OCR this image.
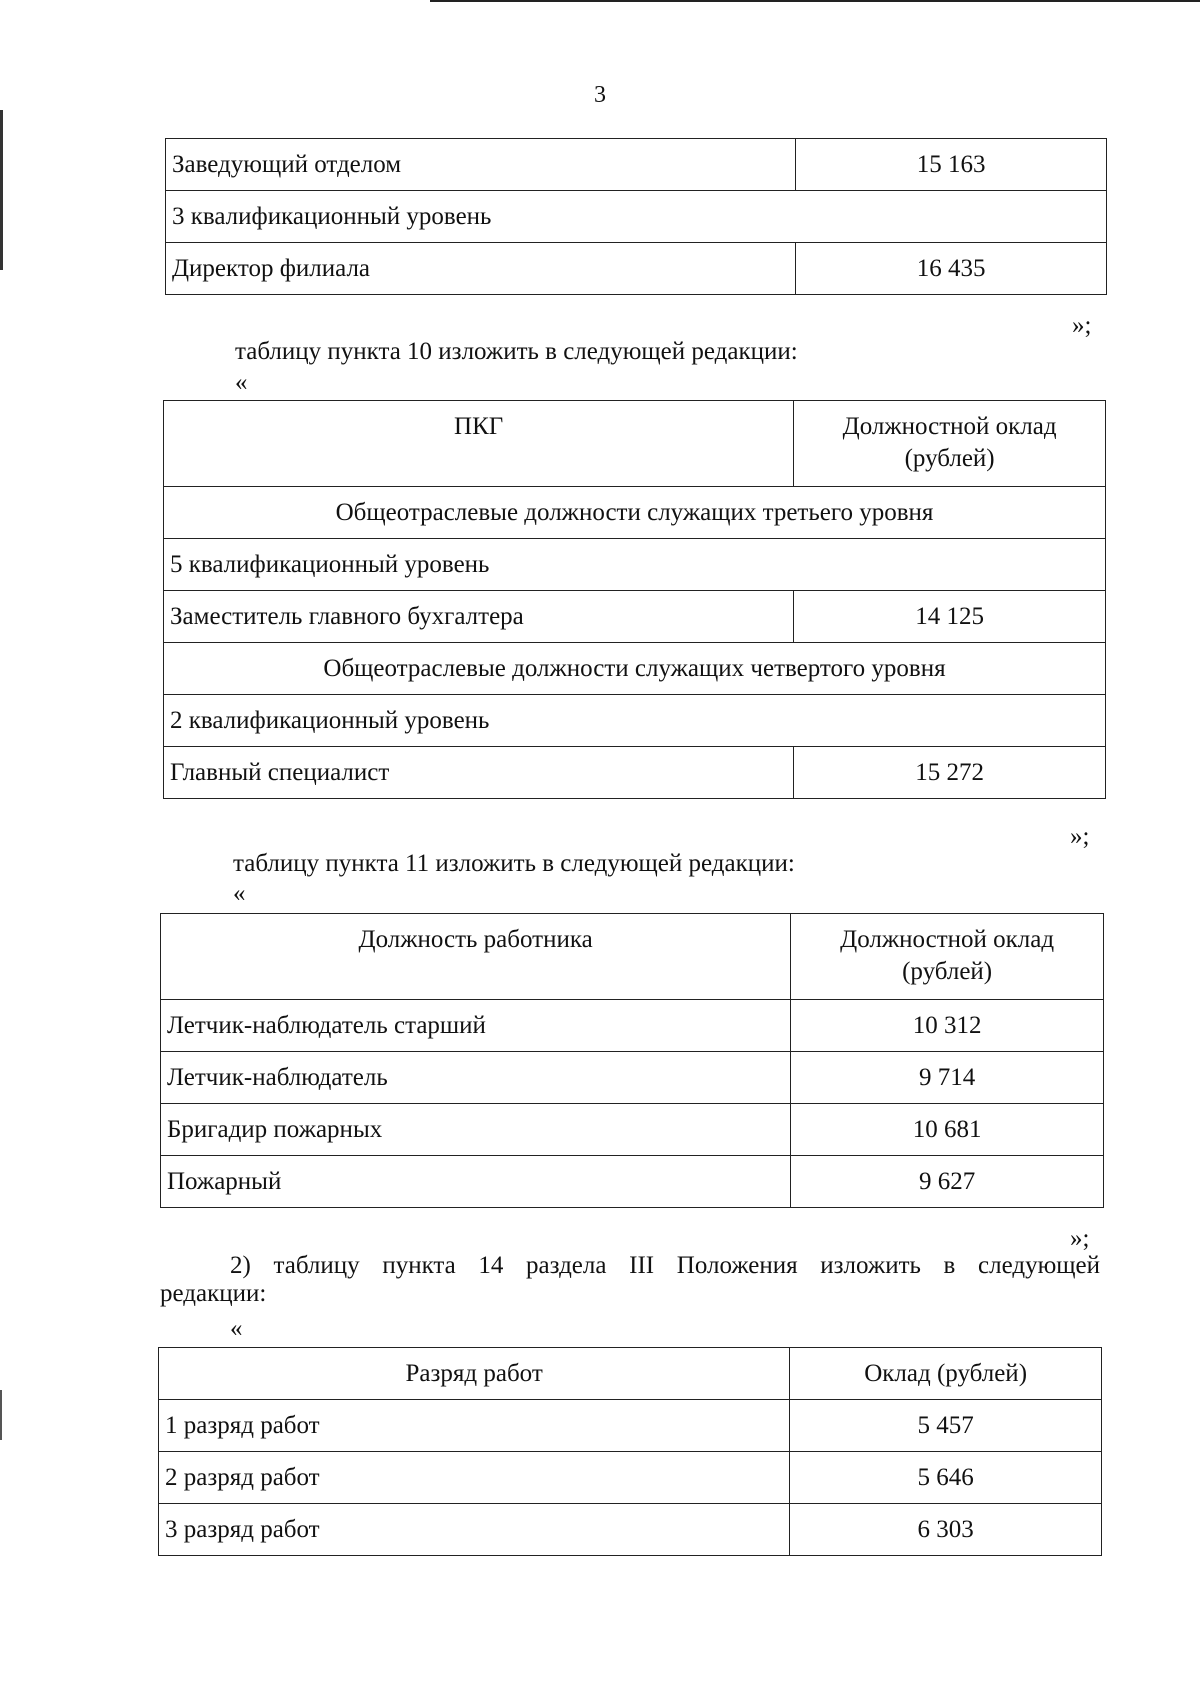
3
Заведующий отделом	15 163
3 квалификационный уровень	
Директор филиала	16 435
»;
таблицу пункта 10 изложить в следующей редакции:
«
ПКГ	Должностной оклад (рублей)
Общеотраслевые должности служащих третьего уровня	
5 квалификационный уровень	
Заместитель главного бухгалтера	14 125
Общеотраслевые должности служащих четвертого уровня	
2 квалификационный уровень	
Главный специалист	15 272
»;
таблицу пункта 11 изложить в следующей редакции:
«
Должность работника	Должностной оклад (рублей)
Летчик-наблюдатель старший	10 312
Летчик-наблюдатель	9 714
Бригадир пожарных	10 681
Пожарный	9 627
»;
2) таблицу пункта 14 раздела III Положения изложить в следующей
редакции:
«
Разряд работ	Оклад (рублей)
1 разряд работ	5 457
2 разряд работ	5 646
3 разряд работ	6 303
